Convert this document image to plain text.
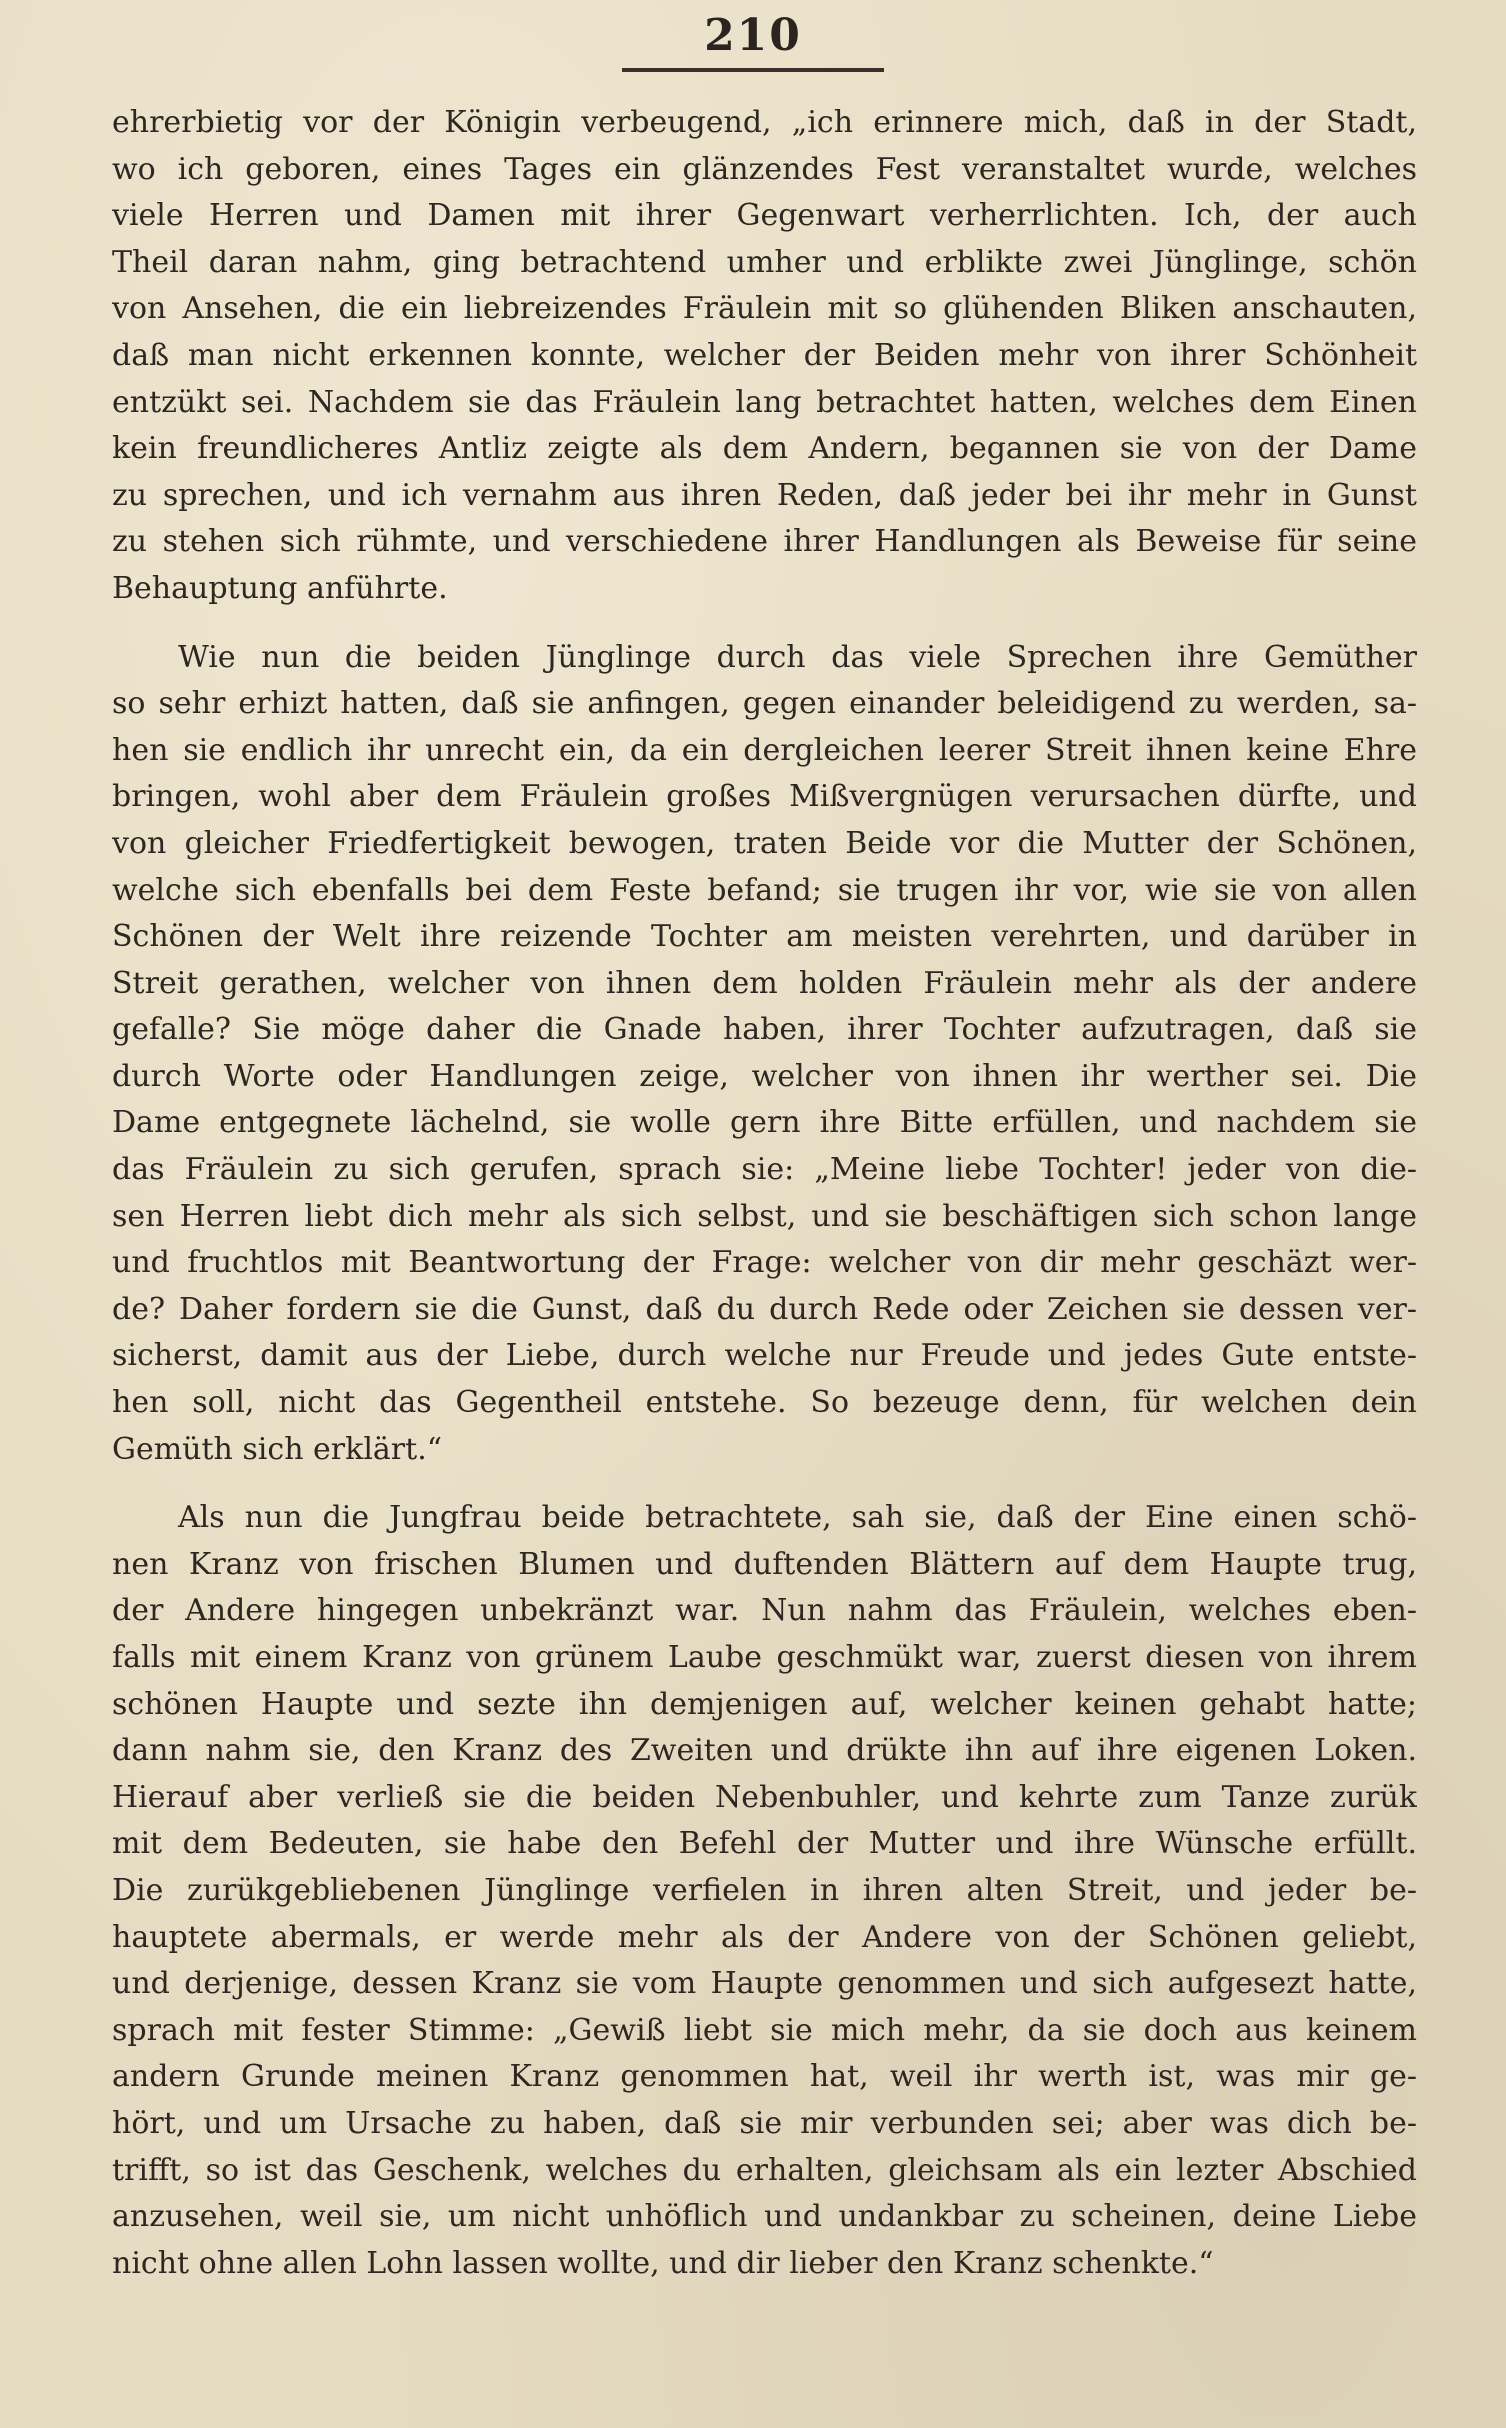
210
ehrerbietig vor der Königin verbeugend, „ich erinnere mich, daß in der Stadt,
wo ich geboren, eines Tages ein glänzendes Fest veranstaltet wurde, welches
viele Herren und Damen mit ihrer Gegenwart verherrlichten. Ich, der auch
Theil daran nahm, ging betrachtend umher und erblikte zwei Jünglinge, schön
von Ansehen, die ein liebreizendes Fräulein mit so glühenden Bliken anschauten,
daß man nicht erkennen konnte, welcher der Beiden mehr von ihrer Schönheit
entzükt sei. Nachdem sie das Fräulein lang betrachtet hatten, welches dem Einen
kein freundlicheres Antliz zeigte als dem Andern, begannen sie von der Dame
zu sprechen, und ich vernahm aus ihren Reden, daß jeder bei ihr mehr in Gunst
zu stehen sich rühmte, und verschiedene ihrer Handlungen als Beweise für seine
Behauptung anführte.
Wie nun die beiden Jünglinge durch das viele Sprechen ihre Gemüther
so sehr erhizt hatten, daß sie anfingen, gegen einander beleidigend zu werden, sa-
hen sie endlich ihr unrecht ein, da ein dergleichen leerer Streit ihnen keine Ehre
bringen, wohl aber dem Fräulein großes Mißvergnügen verursachen dürfte, und
von gleicher Friedfertigkeit bewogen, traten Beide vor die Mutter der Schönen,
welche sich ebenfalls bei dem Feste befand; sie trugen ihr vor, wie sie von allen
Schönen der Welt ihre reizende Tochter am meisten verehrten, und darüber in
Streit gerathen, welcher von ihnen dem holden Fräulein mehr als der andere
gefalle? Sie möge daher die Gnade haben, ihrer Tochter aufzutragen, daß sie
durch Worte oder Handlungen zeige, welcher von ihnen ihr werther sei. Die
Dame entgegnete lächelnd, sie wolle gern ihre Bitte erfüllen, und nachdem sie
das Fräulein zu sich gerufen, sprach sie: „Meine liebe Tochter! jeder von die-
sen Herren liebt dich mehr als sich selbst, und sie beschäftigen sich schon lange
und fruchtlos mit Beantwortung der Frage: welcher von dir mehr geschäzt wer-
de? Daher fordern sie die Gunst, daß du durch Rede oder Zeichen sie dessen ver-
sicherst, damit aus der Liebe, durch welche nur Freude und jedes Gute entste-
hen soll, nicht das Gegentheil entstehe. So bezeuge denn, für welchen dein
Gemüth sich erklärt.“
Als nun die Jungfrau beide betrachtete, sah sie, daß der Eine einen schö-
nen Kranz von frischen Blumen und duftenden Blättern auf dem Haupte trug,
der Andere hingegen unbekränzt war. Nun nahm das Fräulein, welches eben-
falls mit einem Kranz von grünem Laube geschmükt war, zuerst diesen von ihrem
schönen Haupte und sezte ihn demjenigen auf, welcher keinen gehabt hatte;
dann nahm sie, den Kranz des Zweiten und drükte ihn auf ihre eigenen Loken.
Hierauf aber verließ sie die beiden Nebenbuhler, und kehrte zum Tanze zurük
mit dem Bedeuten, sie habe den Befehl der Mutter und ihre Wünsche erfüllt.
Die zurükgebliebenen Jünglinge verfielen in ihren alten Streit, und jeder be-
hauptete abermals, er werde mehr als der Andere von der Schönen geliebt,
und derjenige, dessen Kranz sie vom Haupte genommen und sich aufgesezt hatte,
sprach mit fester Stimme: „Gewiß liebt sie mich mehr, da sie doch aus keinem
andern Grunde meinen Kranz genommen hat, weil ihr werth ist, was mir ge-
hört, und um Ursache zu haben, daß sie mir verbunden sei; aber was dich be-
trifft, so ist das Geschenk, welches du erhalten, gleichsam als ein lezter Abschied
anzusehen, weil sie, um nicht unhöflich und undankbar zu scheinen, deine Liebe
nicht ohne allen Lohn lassen wollte, und dir lieber den Kranz schenkte.“
